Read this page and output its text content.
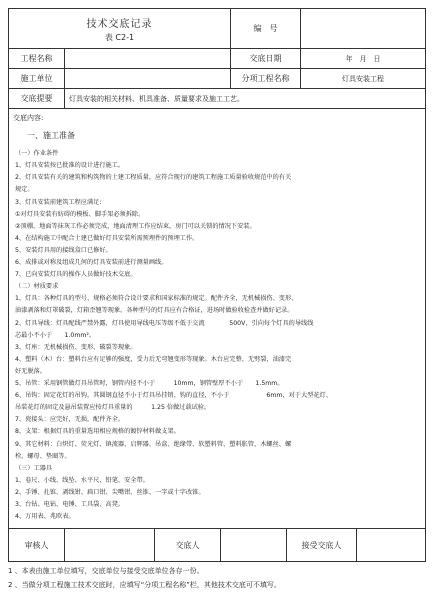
技术交底记录
表 C2-1
编　号
工程名称	交底日期	年　月　日
施工单位	分项工程名称	灯具安装工程
交底提要	灯具安装的相关材料、机具准备、质量要求及施工工艺。
交底内容:
一、施工准备
（一）作业条件
1、灯具安装按已批准的设计进行施工。
2、灯具安装有关的建筑和构筑物的土建工程质量，应符合现行的建筑工程施工质量验收规范中的有关
规定。
3、灯具安装前建筑工程应满足:
①对灯具安装有妨碍的模板、脚手架必须拆除。
②顶棚、地面等抹灰工作必须完成，地面清理工作应结束，房门可以关锁的情况下安装。
4、在结构施工中配合土建已做好灯具安装所需预埋件的预埋工作。
5、安装灯具用的接线盒口已修好。
6、成排或对称及组成几何的灯具安装前进行测量画线。
7、已向安装灯具的操作人员做好技术交底。
（二）材质要求
1、灯具：各种灯具的型号、规格必须符合设计要求和国家标准的规定。配件齐全，无机械损伤、变形、
油漆剥落和灯罩破裂，灯箱歪翘等现象。各种型号的灯具应有合格证，进场时做验收检查并做好记录。
2、灯具导线：灯具配线严禁外露，灯具使用导线电压等级不低于交流　　　　500V，引向每个灯具的导线线
芯最小不小于　　1.0mm²。
3、灯座：无机械损伤、变形、破裂等现象。
4、塑料（木）台：塑料台应有足够的强度，受力后无弯翘变形等现象。木台应完整、无劈裂，油漆完
好无脱落。
5、吊管：采用钢管做灯具吊管时，钢管内径不小于　　　10mm，钢管壁厚不小于　　1.5mm。
6、吊钩：固定花灯的吊钩，其圆钢直径不小于灯具吊挂销、钩的直径，不小于　　　　　　6mm，对于大型花灯、
吊装花灯的固定及悬吊装置应按灯具重量的　　　1.25 倍做过载试验。
7、瓷接头：应完好，无损，配件齐全。
8、支架：根据灯具的重量选用相应规格的镀锌材料做支架。
9、其它材料：白炽灯、荧光灯、镇流器、启辉器、吊盒、绝缘带、软塑料管、塑料胀管、木螺丝、螺
栓、螺母、垫圈等。
（三）工器具
1、卷尺、小线、线坠、水平尺、铅笔、安全带。
2、手锤、扎锥、剥线钳、扁口钳、尖嘴钳、丝锥、一字或十字改锥。
3、台钻、电钻、电锤、工具袋、高凳。
4、万用表、兆欧表。
审核人	交底人	接受交底人
1 、本表由施工单位填写，交底单位与接受交底单位各存一份。
2 、当做分项工程施工技术交底时，应填写“分项工程名称”栏，其他技术交底可不填写。
